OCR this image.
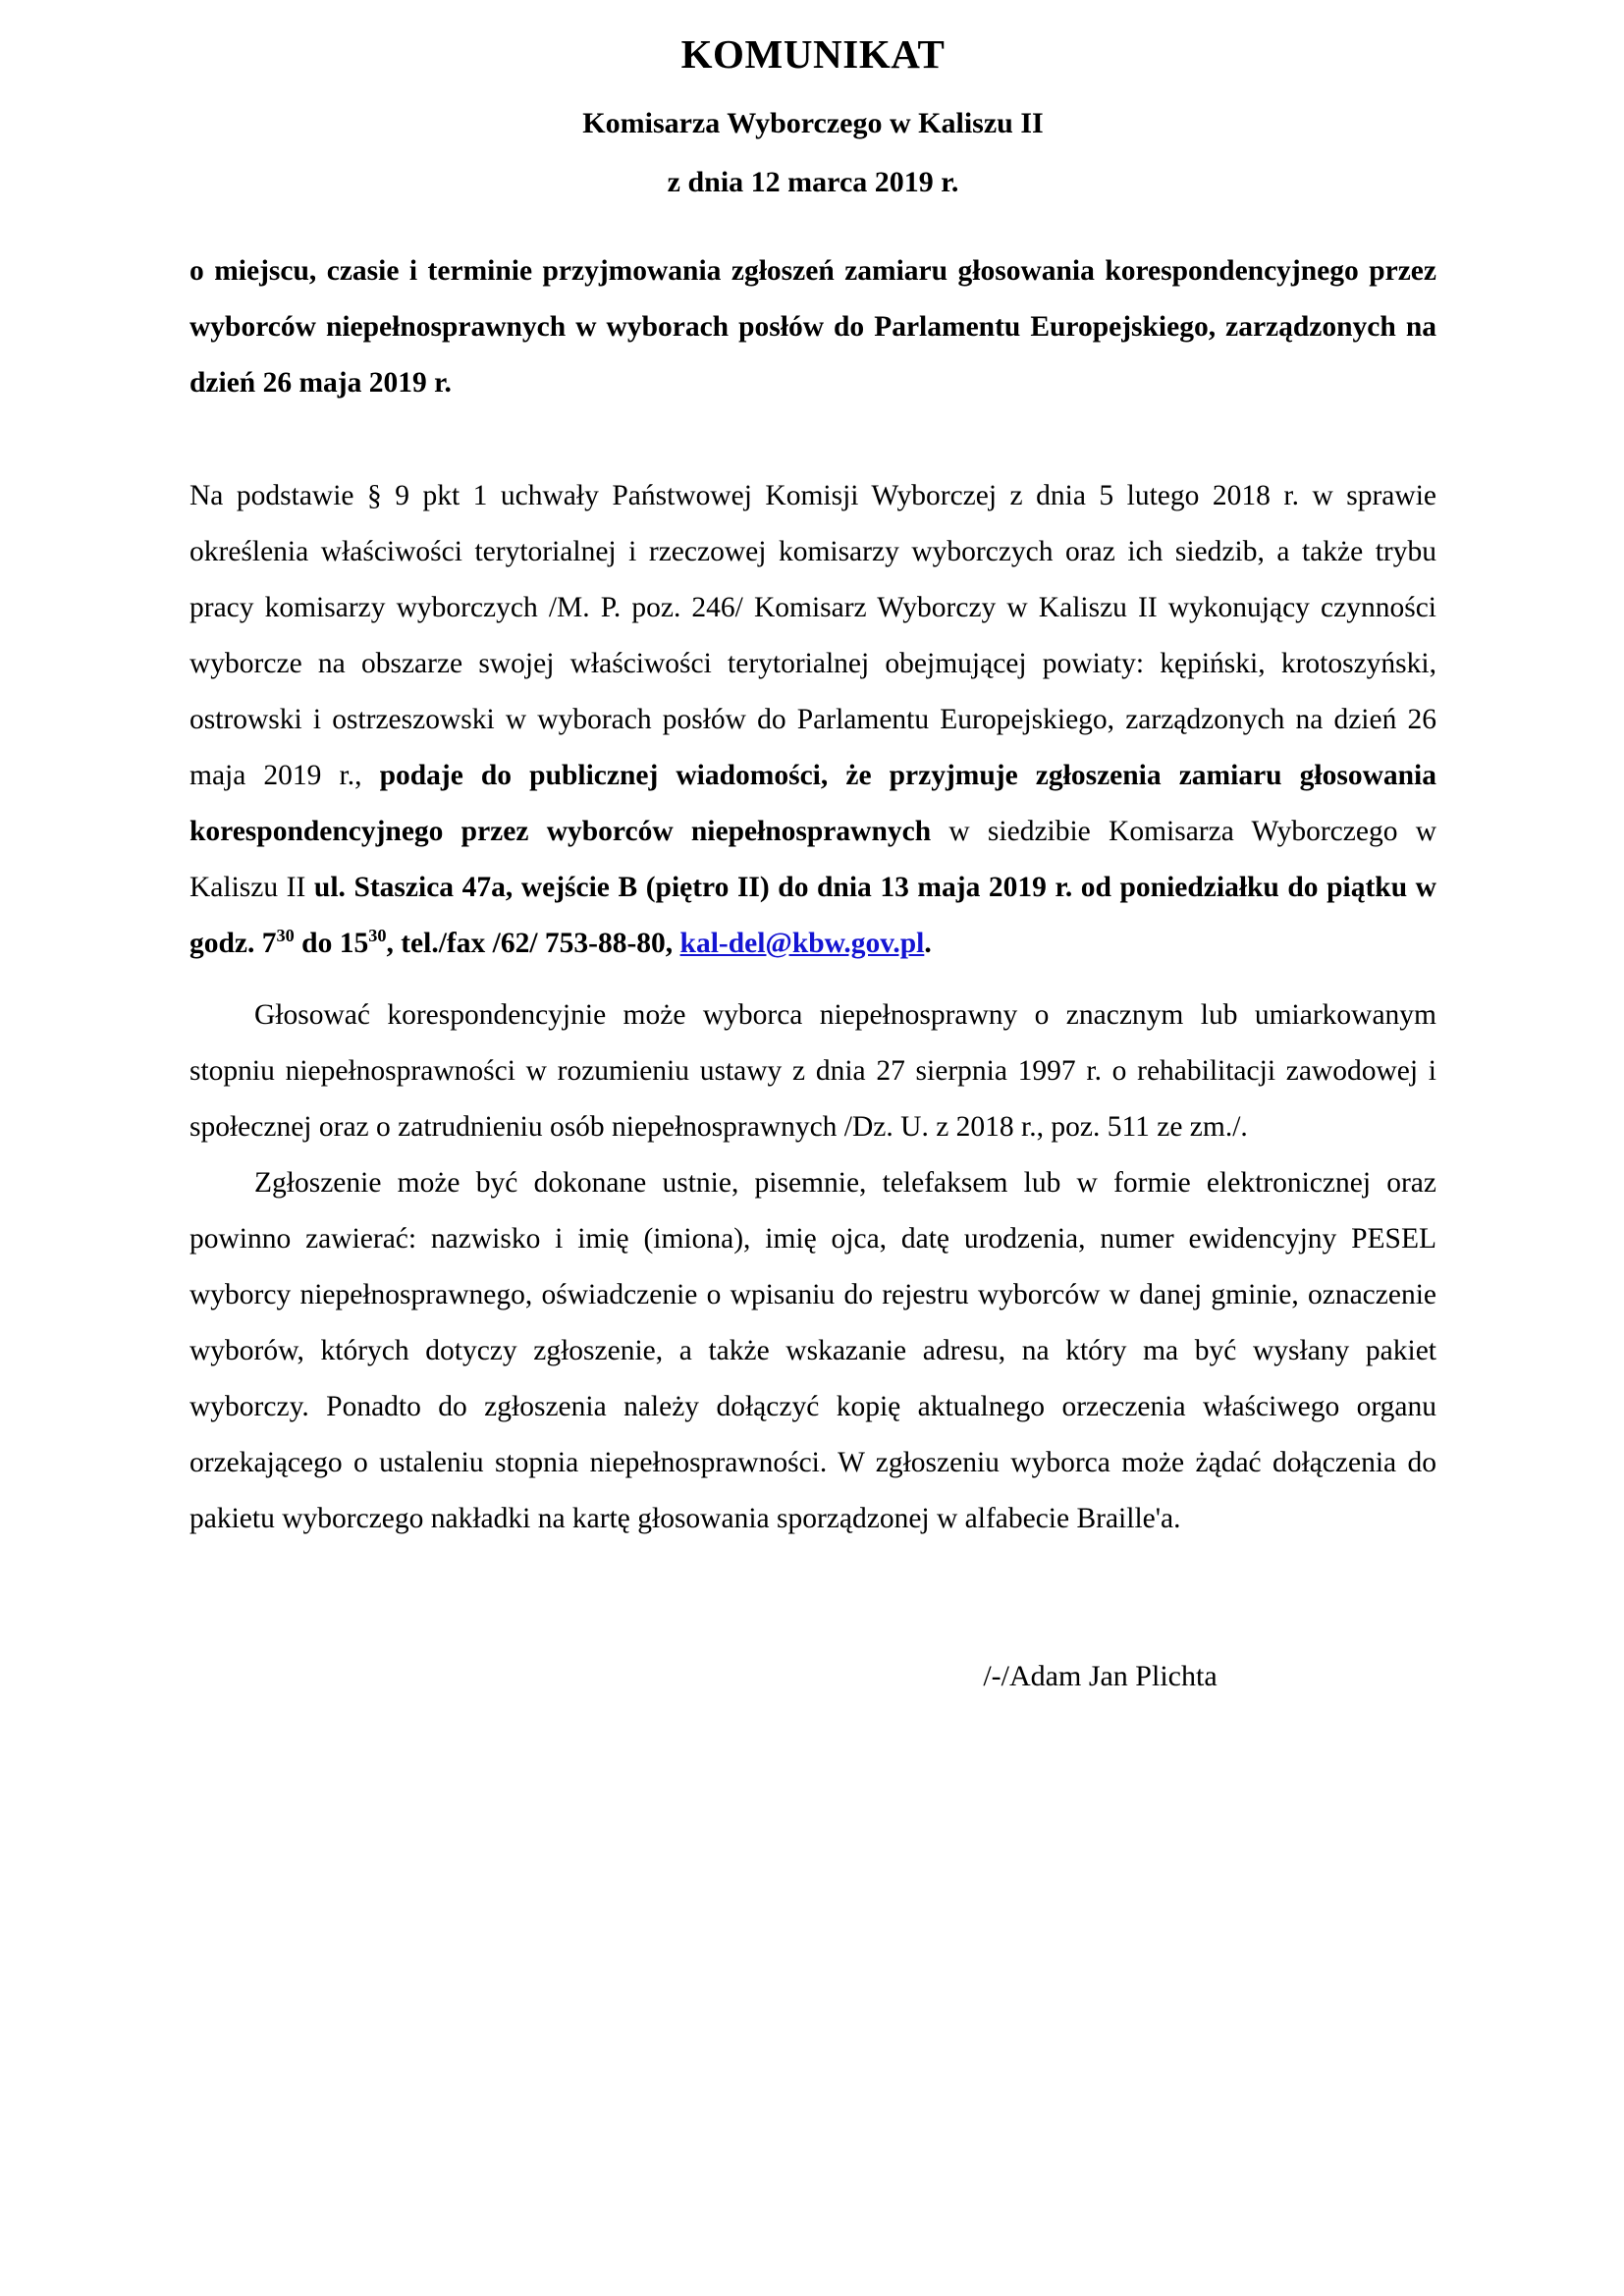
KOMUNIKAT
Komisarza Wyborczego w Kaliszu II
z dnia 12 marca 2019 r.

o miejscu, czasie i terminie przyjmowania zgłoszeń zamiaru głosowania korespondencyjnego przez wyborców niepełnosprawnych w wyborach posłów do Parlamentu Europejskiego, zarządzonych na dzień 26 maja 2019 r.

Na podstawie § 9 pkt 1 uchwały Państwowej Komisji Wyborczej z dnia 5 lutego 2018 r. w sprawie określenia właściwości terytorialnej i rzeczowej komisarzy wyborczych oraz ich siedzib, a także trybu pracy komisarzy wyborczych /M. P. poz. 246/ Komisarz Wyborczy w Kaliszu II wykonujący czynności wyborcze na obszarze swojej właściwości terytorialnej obejmującej powiaty: kępiński, krotoszyński, ostrowski i ostrzeszowski w wyborach posłów do Parlamentu Europejskiego, zarządzonych na dzień 26 maja 2019 r., podaje do publicznej wiadomości, że przyjmuje zgłoszenia zamiaru głosowania korespondencyjnego przez wyborców niepełnosprawnych w siedzibie Komisarza Wyborczego w Kaliszu II ul. Staszica 47a, wejście B (piętro II) do dnia 13 maja 2019 r. od poniedziałku do piątku w godz. $7^{30}$ do $15^{30}$, tel./fax /62/ 753-88-80, kal-del@kbw.gov.pl.

Głosować korespondencyjnie może wyborca niepełnosprawny o znacznym lub umiarkowanym stopniu niepełnosprawności w rozumieniu ustawy z dnia 27 sierpnia 1997 r. o rehabilitacji zawodowej i społecznej oraz o zatrudnieniu osób niepełnosprawnych /Dz. U. z 2018 r., poz. 511 ze zm./.

Zgłoszenie może być dokonane ustnie, pisemnie, telefaksem lub w formie elektronicznej oraz powinno zawierać: nazwisko i imię (imiona), imię ojca, datę urodzenia, numer ewidencyjny PESEL wyborcy niepełnosprawnego, oświadczenie o wpisaniu do rejestru wyborców w danej gminie, oznaczenie wyborów, których dotyczy zgłoszenie, a także wskazanie adresu, na który ma być wysłany pakiet wyborczy. Ponadto do zgłoszenia należy dołączyć kopię aktualnego orzeczenia właściwego organu orzekającego o ustaleniu stopnia niepełnosprawności. W zgłoszeniu wyborca może żądać dołączenia do pakietu wyborczego nakładki na kartę głosowania sporządzonej w alfabecie Braille'a.

/-/Adam Jan Plichta
